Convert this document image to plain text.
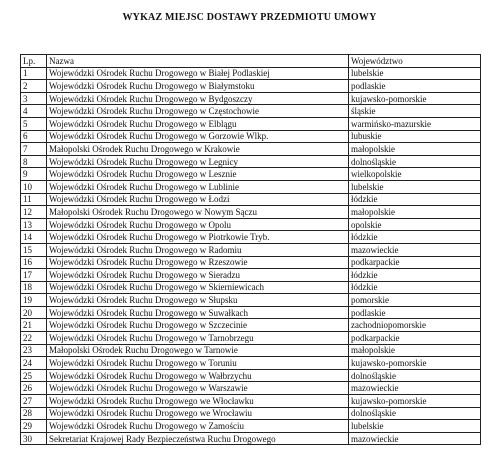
WYKAZ MIEJSC DOSTAWY PRZEDMIOTU UMOWY
Lp.	Nazwa	Województwo
1	Wojewódzki Ośrodek Ruchu Drogowego w Białej Podlaskiej	lubelskie
2	Wojewódzki Ośrodek Ruchu Drogowego w Białymstoku	podlaskie
3	Wojewódzki Ośrodek Ruchu Drogowego w Bydgoszczy	kujawsko-pomorskie
4	Wojewódzki Ośrodek Ruchu Drogowego w Częstochowie	śląskie
5	Wojewódzki Ośrodek Ruchu Drogowego w Elblągu	warmińsko-mazurskie
6	Wojewódzki Ośrodek Ruchu Drogowego w Gorzowie Wlkp.	lubuskie
7	Małopolski Ośrodek Ruchu Drogowego w Krakowie	małopolskie
8	Wojewódzki Ośrodek Ruchu Drogowego w Legnicy	dolnośląskie
9	Wojewódzki Ośrodek Ruchu Drogowego w Lesznie	wielkopolskie
10	Wojewódzki Ośrodek Ruchu Drogowego w Lublinie	lubelskie
11	Wojewódzki Ośrodek Ruchu Drogowego w Łodzi	łódzkie
12	Małopolski Ośrodek Ruchu Drogowego w Nowym Sączu	małopolskie
13	Wojewódzki Ośrodek Ruchu Drogowego w Opolu	opolskie
14	Wojewódzki Ośrodek Ruchu Drogowego w Piotrkowie Tryb.	łódzkie
15	Wojewódzki Ośrodek Ruchu Drogowego w Radomiu	mazowieckie
16	Wojewódzki Ośrodek Ruchu Drogowego w Rzeszowie	podkarpackie
17	Wojewódzki Ośrodek Ruchu Drogowego w Sieradzu	łódzkie
18	Wojewódzki Ośrodek Ruchu Drogowego w Skierniewicach	łódzkie
19	Wojewódzki Ośrodek Ruchu Drogowego w Słupsku	pomorskie
20	Wojewódzki Ośrodek Ruchu Drogowego w Suwałkach	podlaskie
21	Wojewódzki Ośrodek Ruchu Drogowego w Szczecinie	zachodniopomorskie
22	Wojewódzki Ośrodek Ruchu Drogowego w Tarnobrzegu	podkarpackie
23	Małopolski Ośrodek Ruchu Drogowego w Tarnowie	małopolskie
24	Wojewódzki Ośrodek Ruchu Drogowego w Toruniu	kujawsko-pomorskie
25	Wojewódzki Ośrodek Ruchu Drogowego w Wałbrzychu	dolnośląskie
26	Wojewódzki Ośrodek Ruchu Drogowego w Warszawie	mazowieckie
27	Wojewódzki Ośrodek Ruchu Drogowego we Włocławku	kujawsko-pomorskie
28	Wojewódzki Ośrodek Ruchu Drogowego we Wrocławiu	dolnośląskie
29	Wojewódzki Ośrodek Ruchu Drogowego w Zamościu	lubelskie
30	Sekretariat Krajowej Rady Bezpieczeństwa Ruchu Drogowego	mazowieckie
